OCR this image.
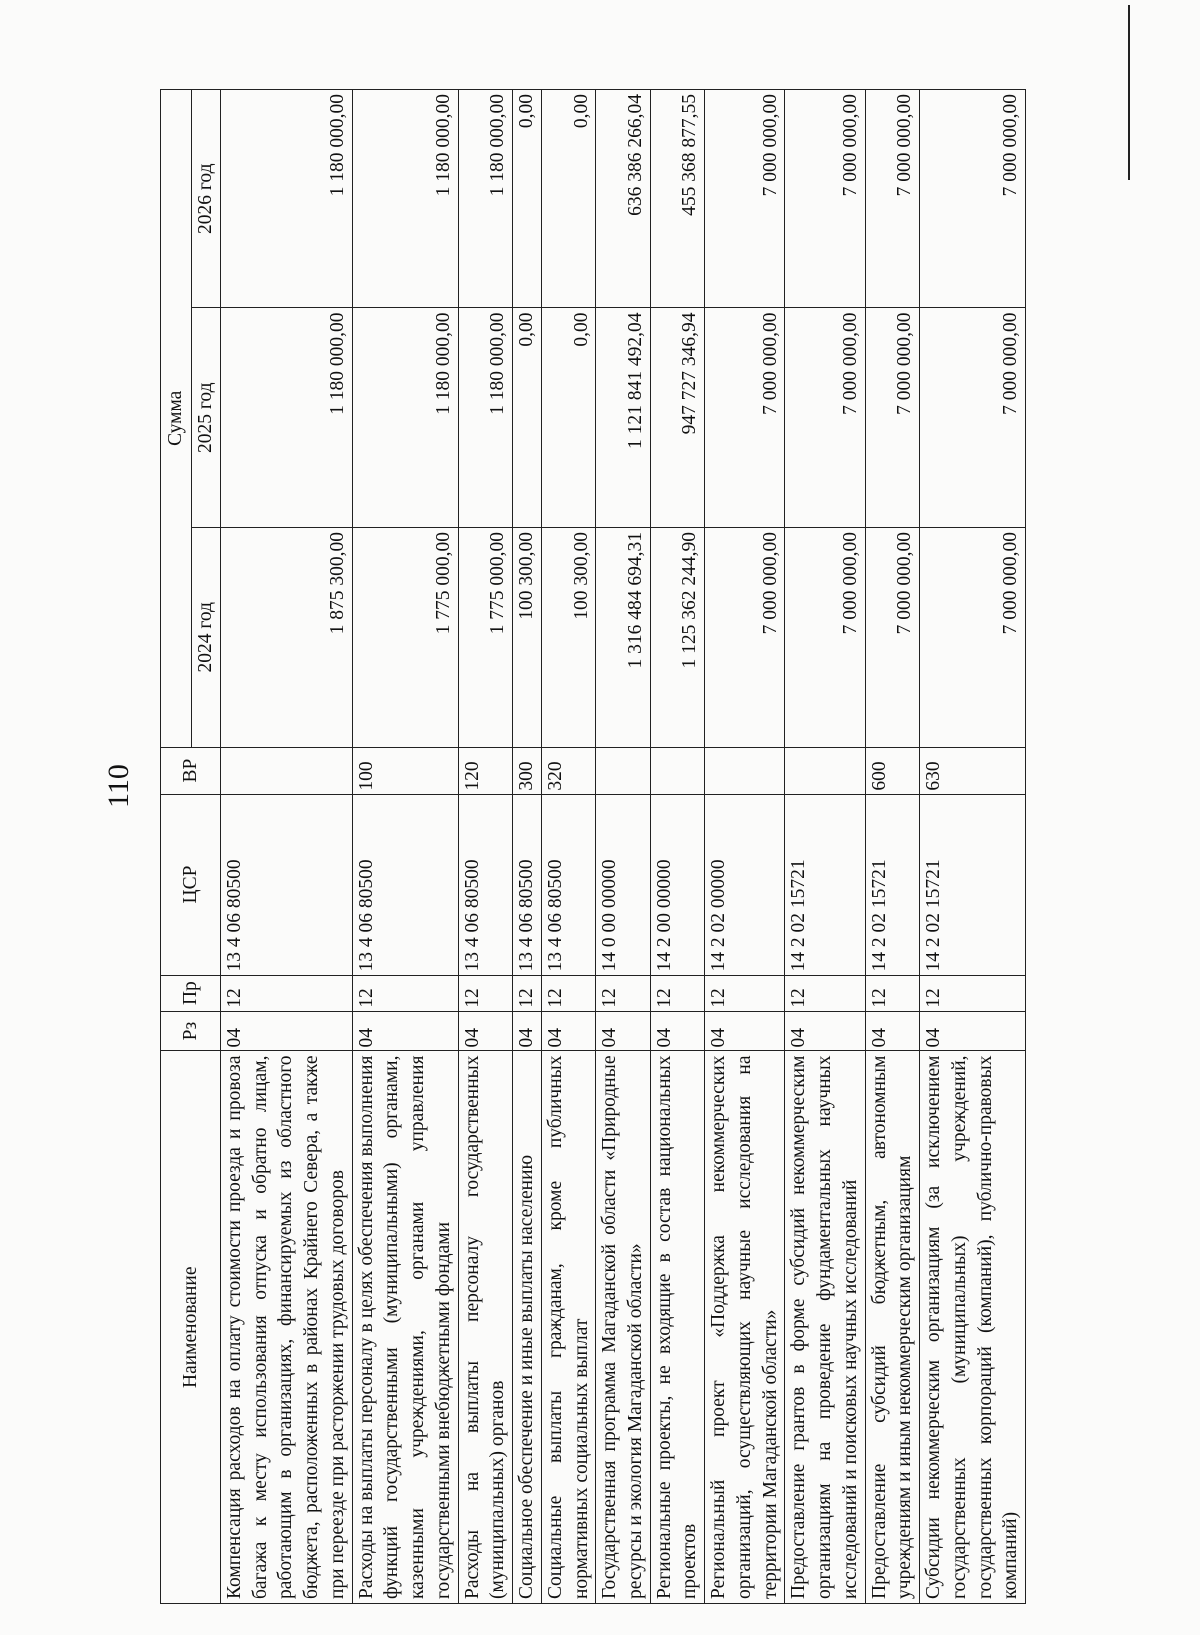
110
Наименование	Рз	Пр	ЦСР	ВР	Сумма		
					2024 год	2025 год	2026 год
Компенсация расходов на оплату стоимости проезда и провоза багажа к месту использования отпуска и обратно лицам, работающим в организациях, финансируемых из областного бюджета, расположенных в районах Крайнего Севера, а также при переезде при расторжении трудовых договоров	04	12	13 4 06 80500		1 875 300,00	1 180 000,00	1 180 000,00
Расходы на выплаты персоналу в целях обеспечения выполнения функций государственными (муниципальными) органами, казенными учреждениями, органами управления государственными внебюджетными фондами	04	12	13 4 06 80500	100	1 775 000,00	1 180 000,00	1 180 000,00
Расходы на выплаты персоналу государственных (муниципальных) органов	04	12	13 4 06 80500	120	1 775 000,00	1 180 000,00	1 180 000,00
Социальное обеспечение и иные выплаты населению	04	12	13 4 06 80500	300	100 300,00	0,00	0,00
Социальные выплаты гражданам, кроме публичных нормативных социальных выплат	04	12	13 4 06 80500	320	100 300,00	0,00	0,00
Государственная программа Магаданской области «Природные ресурсы и экология Магаданской области»	04	12	14 0 00 00000		1 316 484 694,31	1 121 841 492,04	636 386 266,04
Региональные проекты, не входящие в состав национальных проектов	04	12	14 2 00 00000		1 125 362 244,90	947 727 346,94	455 368 877,55
Региональный проект «Поддержка некоммерческих организаций, осуществляющих научные исследования на территории Магаданской области»	04	12	14 2 02 00000		7 000 000,00	7 000 000,00	7 000 000,00
Предоставление грантов в форме субсидий некоммерческим организациям на проведение фундаментальных научных исследований и поисковых научных исследований	04	12	14 2 02 15721		7 000 000,00	7 000 000,00	7 000 000,00
Предоставление субсидий бюджетным, автономным учреждениям и иным некоммерческим организациям	04	12	14 2 02 15721	600	7 000 000,00	7 000 000,00	7 000 000,00
Субсидии некоммерческим организациям (за исключением государственных (муниципальных) учреждений, государственных корпораций (компаний), публично-правовых компаний)	04	12	14 2 02 15721	630	7 000 000,00	7 000 000,00	7 000 000,00
